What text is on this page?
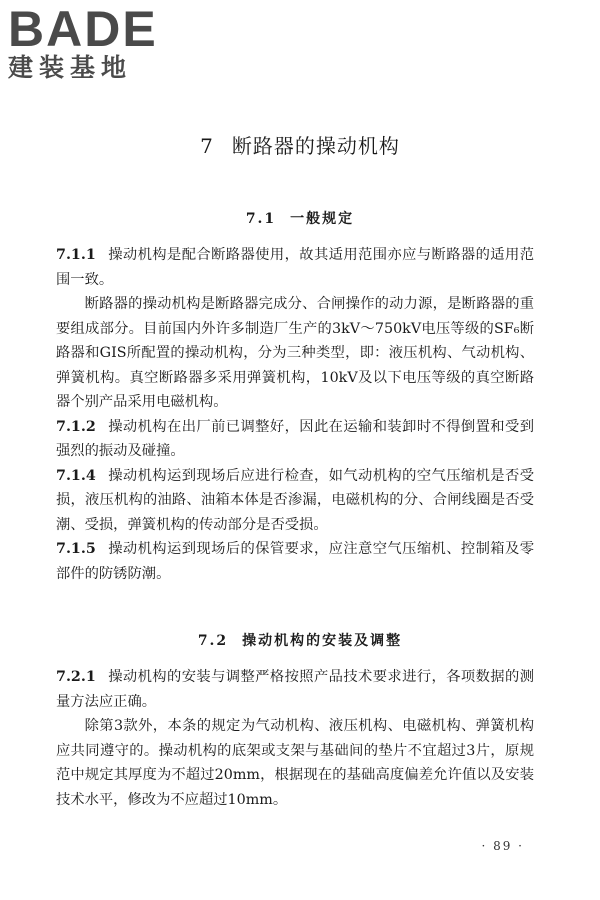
BADE
建装基地
7 断路器的操动机构
7.1 一般规定

7.1.1 操动机构是配合断路器使用，故其适用范围亦应与断路器的适用范围一致。

断路器的操动机构是断路器完成分、合闸操作的动力源，是断路器的重要组成部分。目前国内外许多制造厂生产的3kV～750kV电压等级的SF₆断路器和GIS所配置的操动机构，分为三种类型，即：液压机构、气动机构、弹簧机构。真空断路器多采用弹簧机构，10kV及以下电压等级的真空断路器个别产品采用电磁机构。

7.1.2 操动机构在出厂前已调整好，因此在运输和装卸时不得倒置和受到强烈的振动及碰撞。

7.1.4 操动机构运到现场后应进行检查，如气动机构的空气压缩机是否受损，液压机构的油路、油箱本体是否渗漏，电磁机构的分、合闸线圈是否受潮、受损，弹簧机构的传动部分是否受损。

7.1.5 操动机构运到现场后的保管要求，应注意空气压缩机、控制箱及零部件的防锈防潮。

7.2 操动机构的安装及调整

7.2.1 操动机构的安装与调整严格按照产品技术要求进行，各项数据的测量方法应正确。

除第3款外，本条的规定为气动机构、液压机构、电磁机构、弹簧机构应共同遵守的。操动机构的底架或支架与基础间的垫片不宜超过3片，原规范中规定其厚度为不超过20mm，根据现在的基础高度偏差允许值以及安装技术水平，修改为不应超过10mm。

· 89 ·
